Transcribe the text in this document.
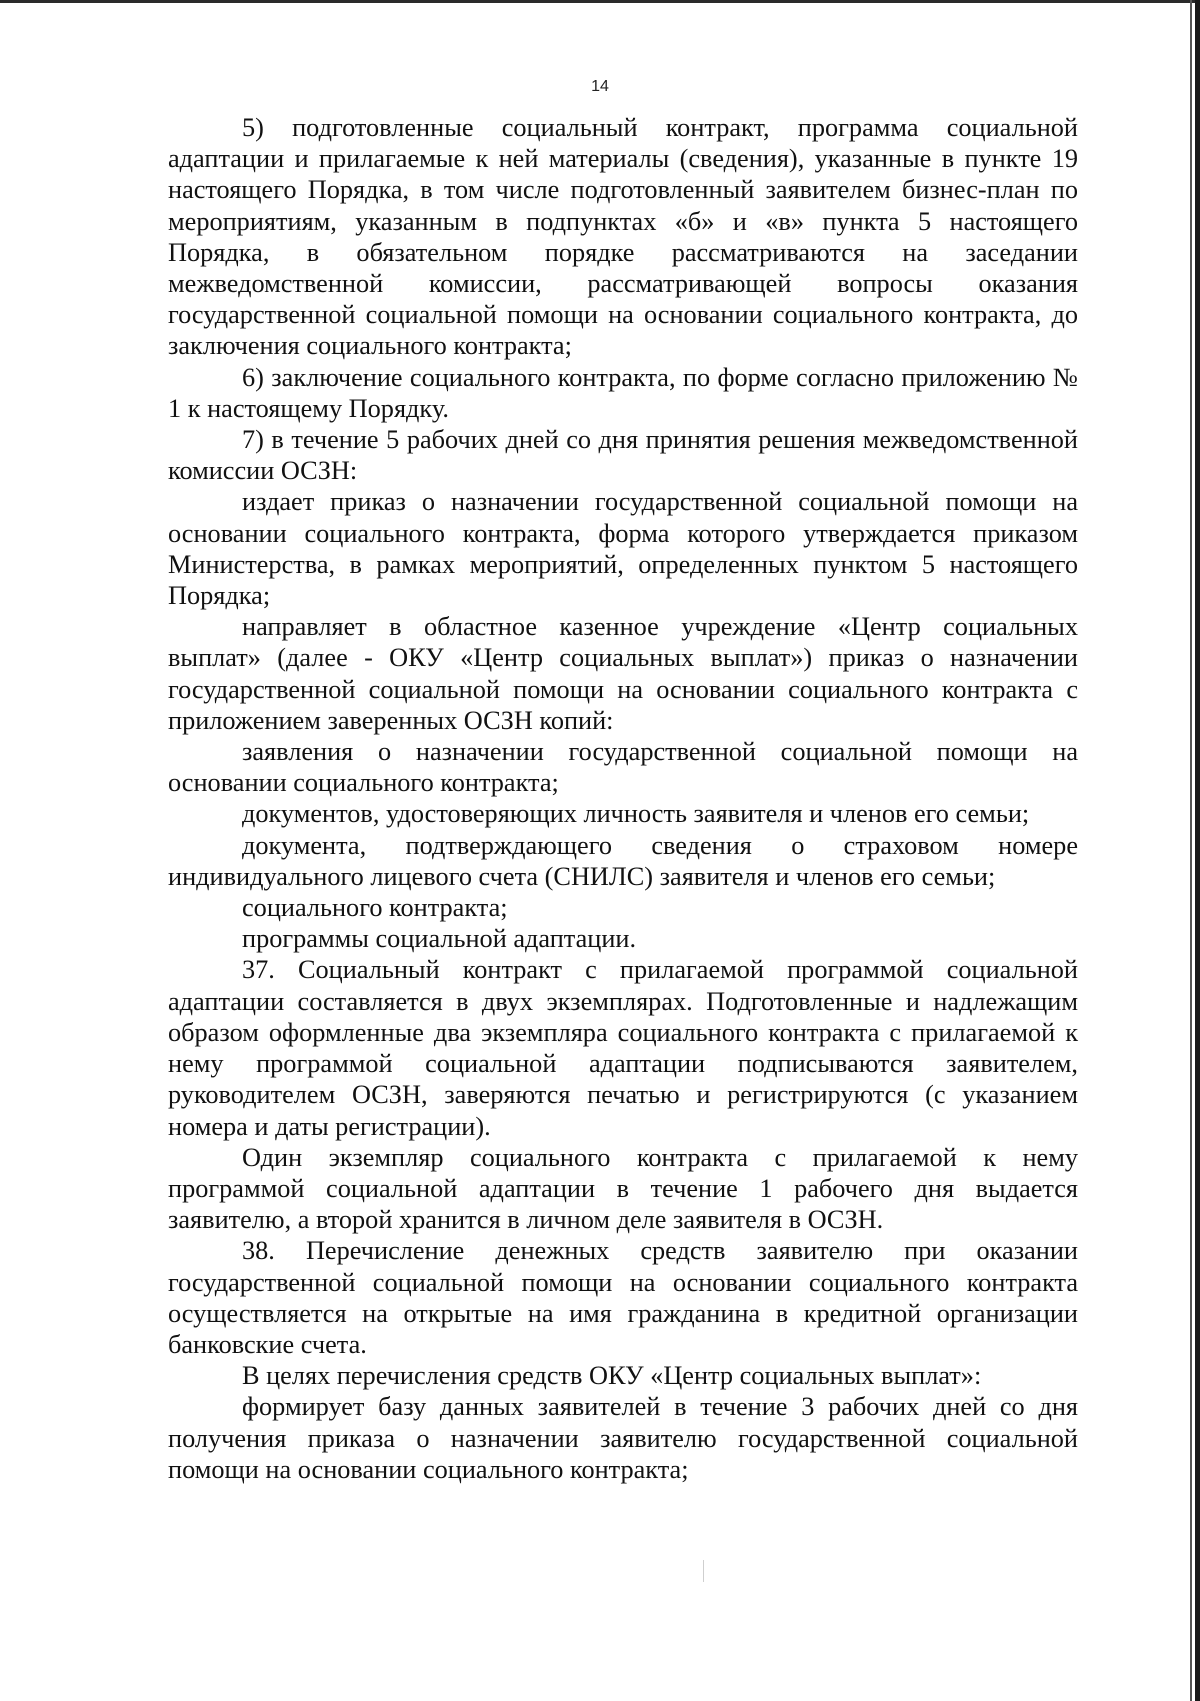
14

5) подготовленные социальный контракт, программа социальной адаптации и прилагаемые к ней материалы (сведения), указанные в пункте 19 настоящего Порядка, в том числе подготовленный заявителем бизнес-план по мероприятиям, указанным в подпунктах «б» и «в» пункта 5 настоящего Порядка, в обязательном порядке рассматриваются на заседании межведомственной комиссии, рассматривающей вопросы оказания государственной социальной помощи на основании социального контракта, до заключения социального контракта;

6) заключение социального контракта, по форме согласно приложению № 1 к настоящему Порядку.

7) в течение 5 рабочих дней со дня принятия решения межведомственной комиссии ОСЗН:

издает приказ о назначении государственной социальной помощи на основании социального контракта, форма которого утверждается приказом Министерства, в рамках мероприятий, определенных пунктом 5 настоящего Порядка;

направляет в областное казенное учреждение «Центр социальных выплат» (далее - ОКУ «Центр социальных выплат») приказ о назначении государственной социальной помощи на основании социального контракта с приложением заверенных ОСЗН копий:

заявления о назначении государственной социальной помощи на основании социального контракта;

документов, удостоверяющих личность заявителя и членов его семьи;

документа, подтверждающего сведения о страховом номере индивидуального лицевого счета (СНИЛС) заявителя и членов его семьи;

социального контракта;

программы социальной адаптации.

37. Социальный контракт с прилагаемой программой социальной адаптации составляется в двух экземплярах. Подготовленные и надлежащим образом оформленные два экземпляра социального контракта с прилагаемой к нему программой социальной адаптации подписываются заявителем, руководителем ОСЗН, заверяются печатью и регистрируются (с указанием номера и даты регистрации).

Один экземпляр социального контракта с прилагаемой к нему программой социальной адаптации в течение 1 рабочего дня выдается заявителю, а второй хранится в личном деле заявителя в ОСЗН.

38. Перечисление денежных средств заявителю при оказании государственной социальной помощи на основании социального контракта осуществляется на открытые на имя гражданина в кредитной организации банковские счета.

В целях перечисления средств ОКУ «Центр социальных выплат»:

формирует базу данных заявителей в течение 3 рабочих дней со дня получения приказа о назначении заявителю государственной социальной помощи на основании социального контракта;
